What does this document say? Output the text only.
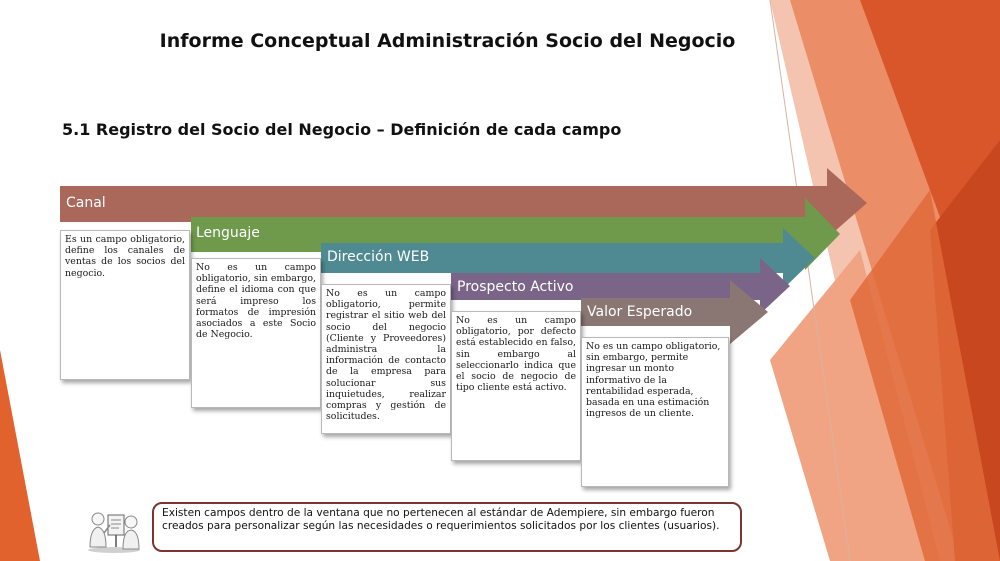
Informe Conceptual Administración Socio del Negocio
5.1 Registro del Socio del Negocio – Definición de cada campo
Canal
Lenguaje
Dirección WEB
Prospecto Activo
Valor Esperado
Es un campo obligatorio, define los canales de ventas de los socios del negocio.
No es un campo obligatorio, sin embargo, define el idioma con que será impreso los formatos de impresión asociados a este Socio de Negocio.
No es un campo obligatorio, permite registrar el sitio web del socio del negocio (Cliente y Proveedores) administra la información de contacto de la empresa para solucionar sus inquietudes, realizar compras y gestión de solicitudes.
No es un campo obligatorio, por defecto está establecido en falso, sin embargo al seleccionarlo indica que el socio de negocio de tipo cliente está activo.
No es un campo obligatorio, sin embargo, permite ingresar un monto informativo de la rentabilidad esperada, basada en una estimación ingresos de un cliente.
Existen campos dentro de la ventana que no pertenecen al estándar de Adempiere, sin embargo fueron creados para personalizar según las necesidades o requerimientos solicitados por los clientes (usuarios).
